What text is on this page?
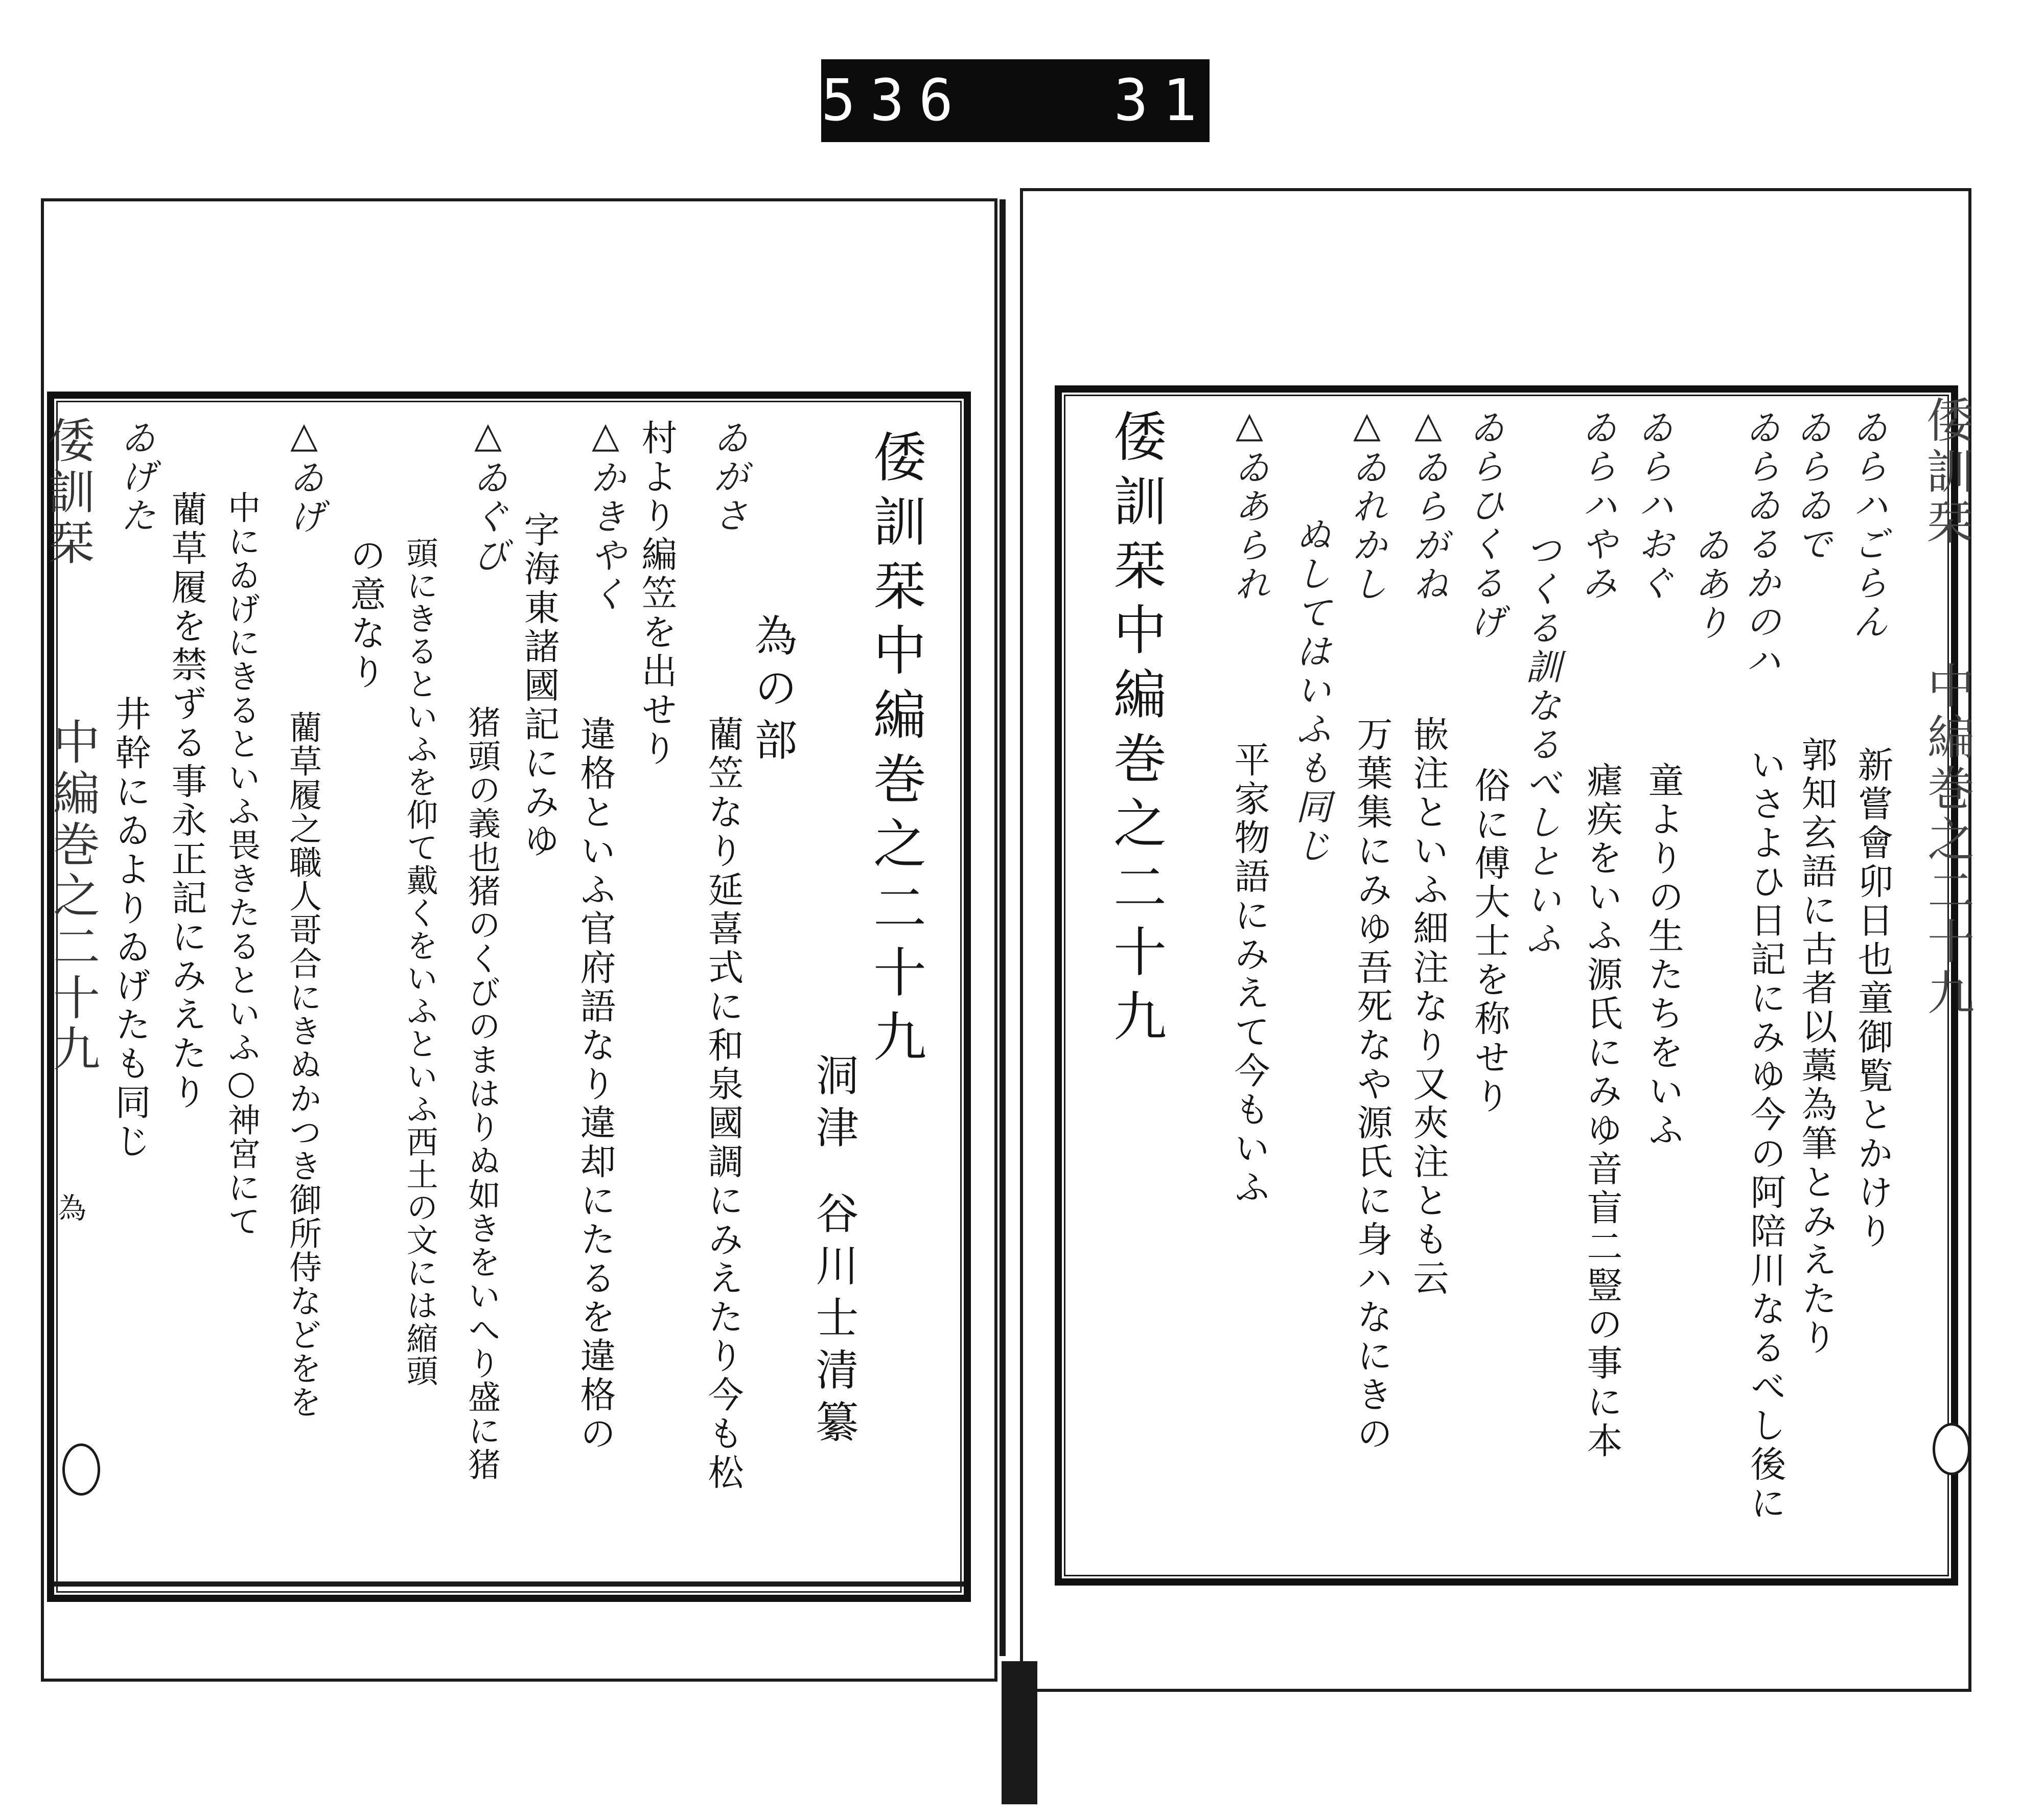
536   318.
倭訓栞
中編巻之二十九
為
倭訓栞
中編巻之二十九
倭訓栞中編巻之二十九
為の部
洞津
谷川士清纂
ゐがさ
藺笠なり延喜式に和泉國調にみえたり今も松
村より編笠を出せり
△かきやく
違格といふ官府語なり違却にたるを違格の
字海東諸國記にみゆ
△ゐぐび
猪頭の義也猪のくびのまはりぬ如きをいへり盛に猪
頭にきるといふを仰て戴くをいふといふ西土の文には縮頭
の意なり
△ゐげ
藺草履之職人哥合にきぬかつき御所侍などをを
中にゐげにきるといふ畏きたるといふ○神宮にて
藺草履を禁ずる事永正記にみえたり
井幹にゐよりゐげたも同じ
ゐげた	ゐらハごらん
新嘗會卯日也童御覧とかけり
ゐらゐで
郭知玄語に古者以藁為筆とみえたり
ゐらゐるかのハ
いさよひ日記にみゆ今の阿陪川なるべし後に
ゐあり
ゐらハおぐ
童よりの生たちをいふ
ゐらハやみ
瘧疾をいふ源氏にみゆ音盲二豎の事に本
つくる訓なるべしといふ
ゐらひくるげ
俗に傅大士を称せり
△ゐらがね
嵌注といふ細注なり又夾注とも云
△ゐれかし
万葉集にみゆ吾死なや源氏に身ハなにきの
ぬしてはいふも同じ
△ゐあられ
平家物語にみえて今もいふ
倭訓栞中編巻之二十九
